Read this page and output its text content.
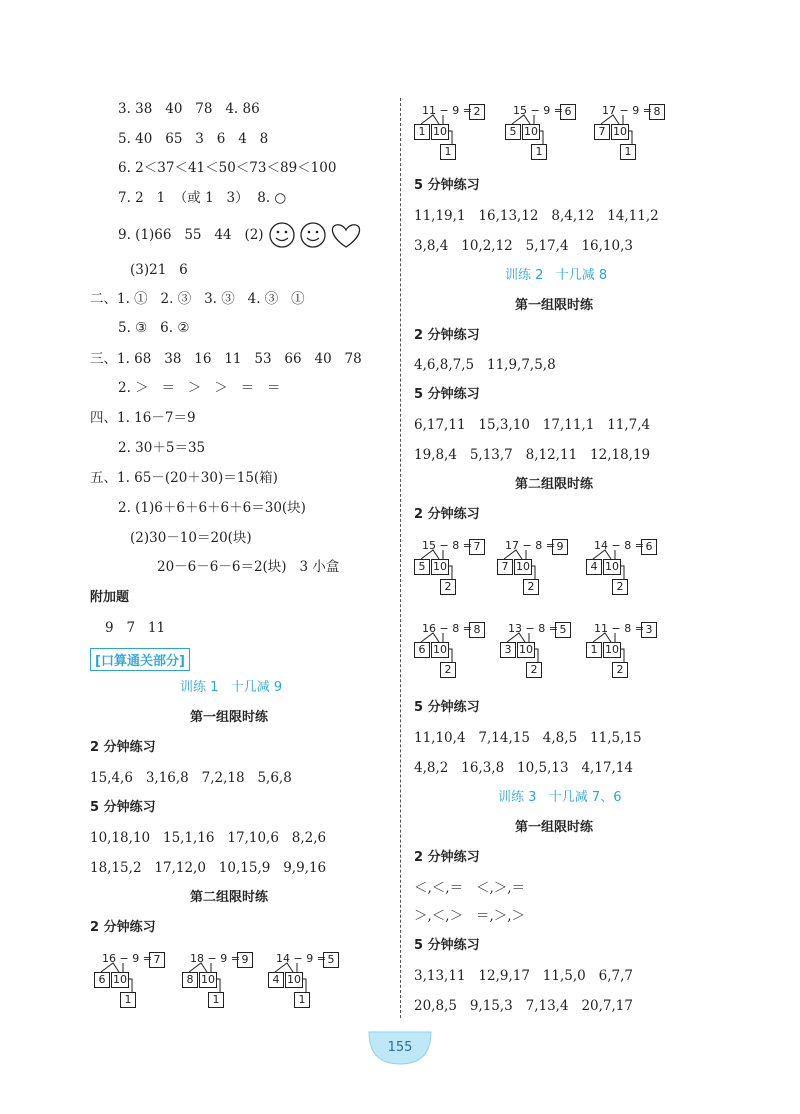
3. 38   40   78   4. 86
5. 40   65   3   6   4   8
6. 2＜37＜41＜50＜73＜89＜100
7. 2   1  （或 1   3）  8. ○
9. (1)66   55   44   (2)
(3)21   6
二、1. ①   2. ③   3. ③   4. ③   ①
5. ③   6. ②
三、1. 68   38   16   11   53   66   40   78
2. ＞   ＝   ＞   ＞   ＝   ＝
四、1. 16－7＝9
2. 30＋5＝35
五、1. 65－(20＋30)＝15(箱)
2. (1)6＋6＋6＋6＋6＝30(块)
(2)30－10＝20(块)
20－6－6－6＝2(块)   3 小盒
附加题
9   7   11
[口算通关部分]
训练 1   十几减 9
第一组限时练
2 分钟练习
15,4,6   3,16,8   7,2,18   5,6,8
5 分钟练习
10,18,10   15,1,16   17,10,6   8,2,6
18,15,2   17,12,0   10,15,9   9,9,16
第二组限时练
2 分钟练习
5 分钟练习
11,19,1   16,13,12   8,4,12   14,11,2
3,8,4   10,2,12   5,17,4   16,10,3
训练 2   十几减 8
第一组限时练
2 分钟练习
4,6,8,7,5   11,9,7,5,8
5 分钟练习
6,17,11   15,3,10   17,11,1   11,7,4
19,8,4   5,13,7   8,12,11   12,18,19
第二组限时练
2 分钟练习
5 分钟练习
11,10,4   7,14,15   4,8,5   11,5,15
4,8,2   16,3,8   10,5,13   4,17,14
训练 3   十几减 7、6
第一组限时练
2 分钟练习
＜,＜,＝   ＜,＞,＝
＞,＜,＞   ＝,＞,＞
5 分钟练习
3,13,11   12,9,17   11,5,0   6,7,7
20,8,5   9,15,3   7,13,4   20,7,17
16 − 9 = 7
6 10
1
18 − 9 = 9
8 10
1
14 − 9 = 5
4 10
1
11 − 9 = 2
1 10
1
15 − 9 = 6
5 10
1
17 − 9 = 8
7 10
1
15 − 8 = 7
5 10
2
17 − 8 = 9
7 10
2
14 − 8 = 6
4 10
2
16 − 8 = 8
6 10
2
13 − 8 = 5
3 10
2
11 − 8 = 3
1 10
2
155
